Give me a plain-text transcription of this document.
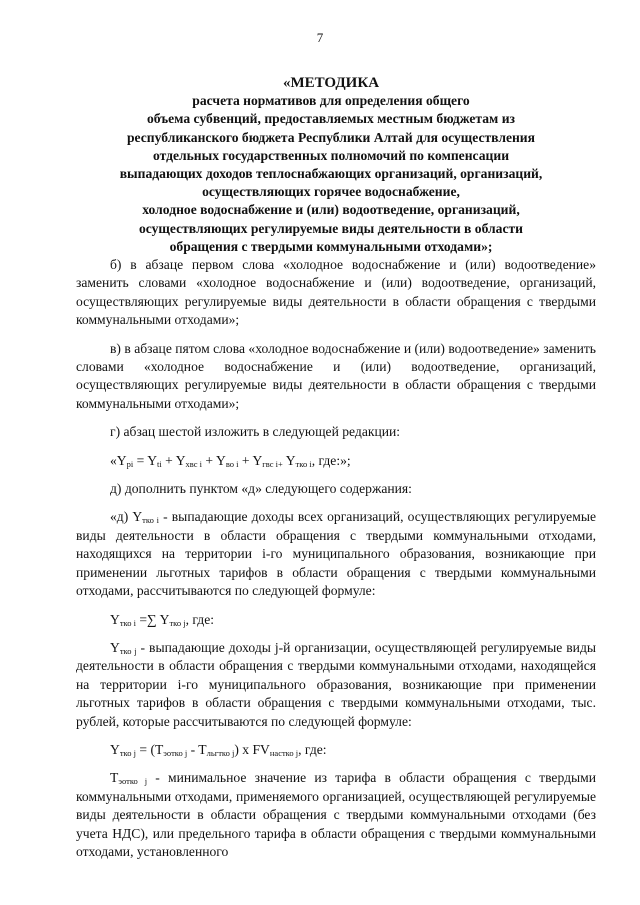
7
«МЕТОДИКА
расчета нормативов для определения общего
объема субвенций, предоставляемых местным бюджетам из
республиканского бюджета Республики Алтай для осуществления
отдельных государственных полномочий по компенсации
выпадающих доходов теплоснабжающих организаций, организаций,
осуществляющих горячее водоснабжение,
холодное водоснабжение и (или) водоотведение, организаций,
осуществляющих регулируемые виды деятельности в области
обращения с твердыми коммунальными отходами»;

б) в абзаце первом слова «холодное водоснабжение и (или) водоотведение» заменить словами «холодное водоснабжение и (или) водоотведение, организаций, осуществляющих регулируемые виды деятельности в области обращения с твердыми коммунальными отходами»;

в) в абзаце пятом слова «холодное водоснабжение и (или) водоотведение» заменить словами «холодное водоснабжение и (или) водоотведение, организаций, осуществляющих регулируемые виды деятельности в области обращения с твердыми коммунальными отходами»;

г) абзац шестой изложить в следующей редакции:

«$Y_{pi} = Y_{ti} + Y_{хвс i} + Y_{во i} + Y_{гвс i+}$ $Y_{тко i}$, где:»;

д) дополнить пунктом «д» следующего содержания:

«д) $Y_{тко i}$ - выпадающие доходы всех организаций, осуществляющих регулируемые виды деятельности в области обращения с твердыми коммунальными отходами, находящихся на территории i-го муниципального образования, возникающие при применении льготных тарифов в области обращения с твердыми коммунальными отходами, рассчитываются по следующей формуле:

$Y_{тко i}$ =∑ $Y_{тко j}$, где:

$Y_{тко j}$ - выпадающие доходы j-й организации, осуществляющей регулируемые виды деятельности в области обращения с твердыми коммунальными отходами, находящейся на территории i-го муниципального образования, возникающие при применении льготных тарифов в области обращения с твердыми коммунальными отходами, тыс. рублей, которые рассчитываются по следующей формуле:

$Y_{тко j} = (T_{эотко j} - T_{льгтко j})$ х $FV_{настко j}$, где:

$T_{эотко j}$ - минимальное значение из тарифа в области обращения с твердыми коммунальными отходами, применяемого организацией, осуществляющей регулируемые виды деятельности в области обращения с твердыми коммунальными отходами (без учета НДС), или предельного тарифа в области обращения с твердыми коммунальными отходами, установленного
